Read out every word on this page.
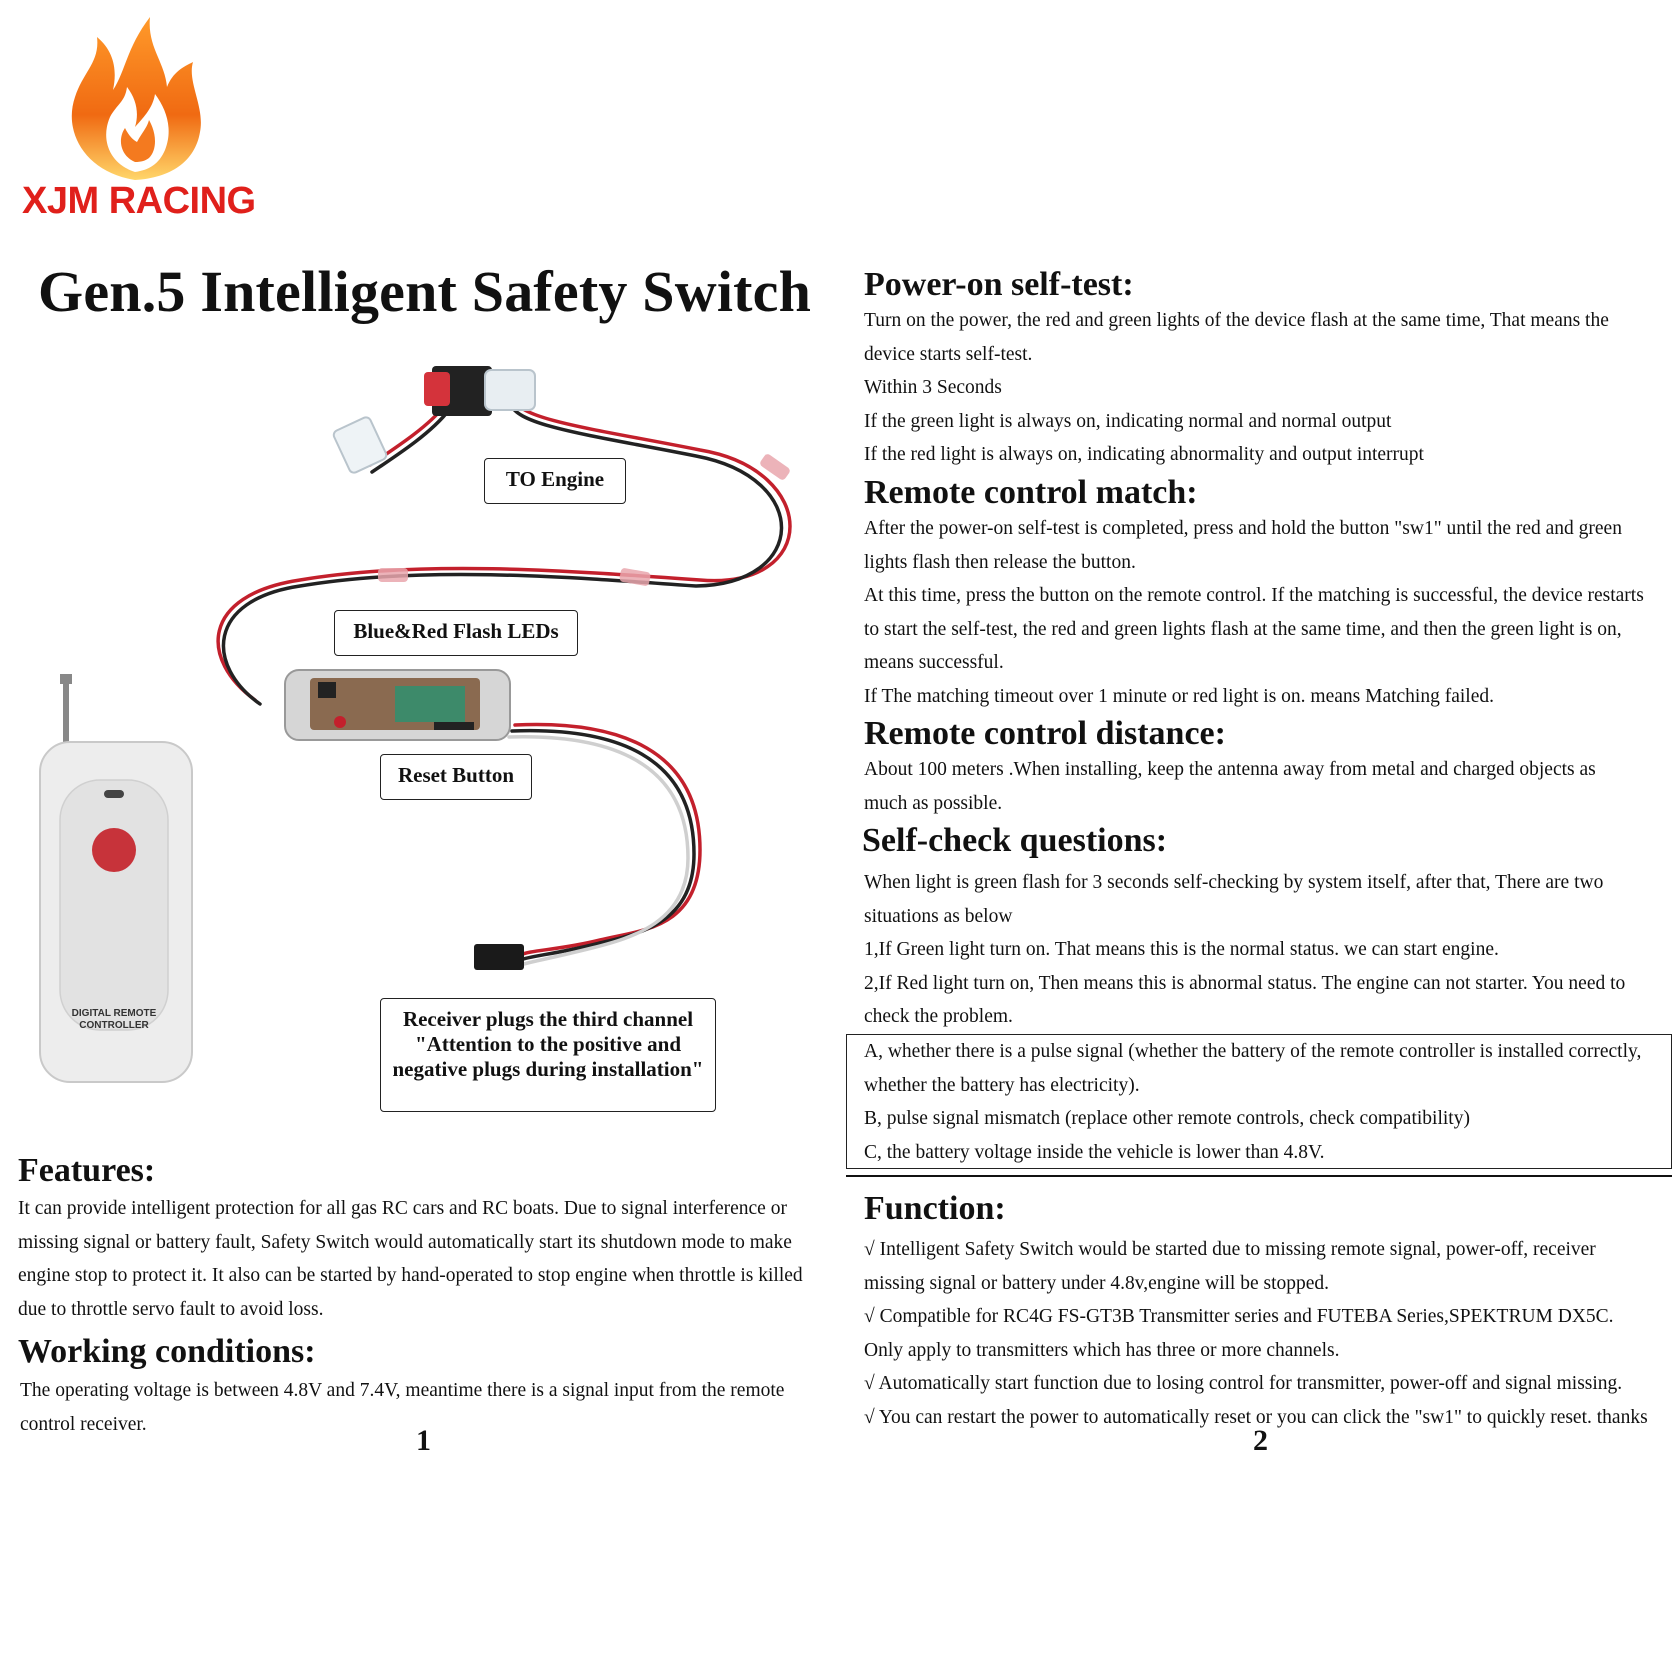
XJM RACING
Gen.5 Intelligent Safety Switch
DIGITAL REMOTE
CONTROLLER
TO Engine
Blue&Red Flash LEDs
Reset Button
Receiver plugs the third channel
"Attention to the positive and
negative plugs during installation"
Features:
It can provide intelligent protection for all gas RC cars and RC boats. Due to signal interference or
missing signal or battery fault, Safety Switch would automatically start its shutdown mode to make
engine stop to protect it. It also can be started by hand-operated to stop engine when throttle is killed
due to throttle servo fault to avoid loss.
Working conditions:
The operating voltage is between 4.8V and 7.4V, meantime there is a signal input from the remote
control receiver.	1
Power-on self-test:
Turn on the power, the red and green lights of the device flash at the same time, That means the
device starts self-test.
Within 3 Seconds
If the green light is always on, indicating normal and normal output
If the red light is always on, indicating abnormality and output interrupt
Remote control match:
After the power-on self-test is completed, press and hold the button "sw1" until the red and green
lights flash then release the button.
At this time, press the button on the remote control. If the matching is successful, the device restarts
to start the self-test, the red and green lights flash at the same time, and then the green light is on,
means successful.
If The matching timeout over 1 minute or red light is on. means Matching failed.
Remote control distance:
About 100 meters .When installing, keep the antenna away from metal and charged objects as
much as possible.
Self-check questions:
When light is green flash for 3 seconds self-checking by system itself, after that, There are two
situations as below
1,If Green light turn on. That means this is the normal status. we can start engine.
2,If Red light turn on, Then means this is abnormal status. The engine can not starter. You need to
check the problem.
A, whether there is a pulse signal (whether the battery of the remote controller is installed correctly,
whether the battery has electricity).
B, pulse signal mismatch (replace other remote controls, check compatibility)
C, the battery voltage inside the vehicle is lower than 4.8V.
Function:
√ Intelligent Safety Switch would be started due to missing remote signal, power-off, receiver
missing signal or battery under 4.8v,engine will be stopped.
√ Compatible for RC4G FS-GT3B Transmitter series and FUTEBA Series,SPEKTRUM DX5C.
Only apply to transmitters which has three or more channels.
√ Automatically start function due to losing control for transmitter, power-off and signal missing.
√ You can restart the power to automatically reset or you can click the "sw1" to quickly reset. thanks
2
